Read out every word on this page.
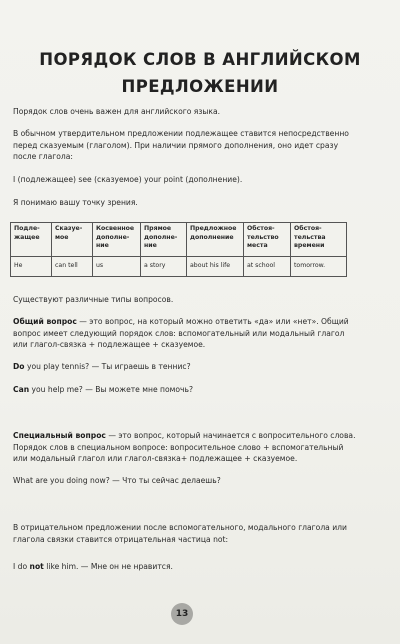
ПОРЯДОК СЛОВ В АНГЛИЙСКОМ
ПРЕДЛОЖЕНИИ
Порядок слов очень важен для английского языка.
В обычном утвердительном предложении подлежащее ставится непосредственно перед сказуемым (глаголом). При наличии прямого дополнения, оно идет сразу после глагола:
I (подлежащее) see (сказуемое) your point (дополнение).
Я понимаю вашу точку зрения.
Подле-жащее	Сказуе-мое	Косвенное дополне-ние	Прямое дополне-ние	Предложное дополнение	Обстоя-тельство места	Обстоя-тельства времени
He	can tell	us	a story	about his life	at school	tomorrow.
Существуют различные типы вопросов.
Общий вопрос — это вопрос, на который можно ответить «да» или «нет». Общий вопрос имеет следующий порядок слов: вспомогательный или модальный глагол или глагол-связка + подлежащее + сказуемое.
Do you play tennis? — Ты играешь в теннис?
Can you help me? — Вы можете мне помочь?
Специальный вопрос — это вопрос, который начинается с вопросительного слова. Порядок слов в специальном вопросе: вопросительное слово + вспомогательный или модальный глагол или глагол-связка+ подлежащее + сказуемое.
What are you doing now? — Что ты сейчас делаешь?
В отрицательном предложении после вспомогательного, модального глагола или глагола связки ставится отрицательная частица not:
I do not like him. — Мне он не нравится.
13
